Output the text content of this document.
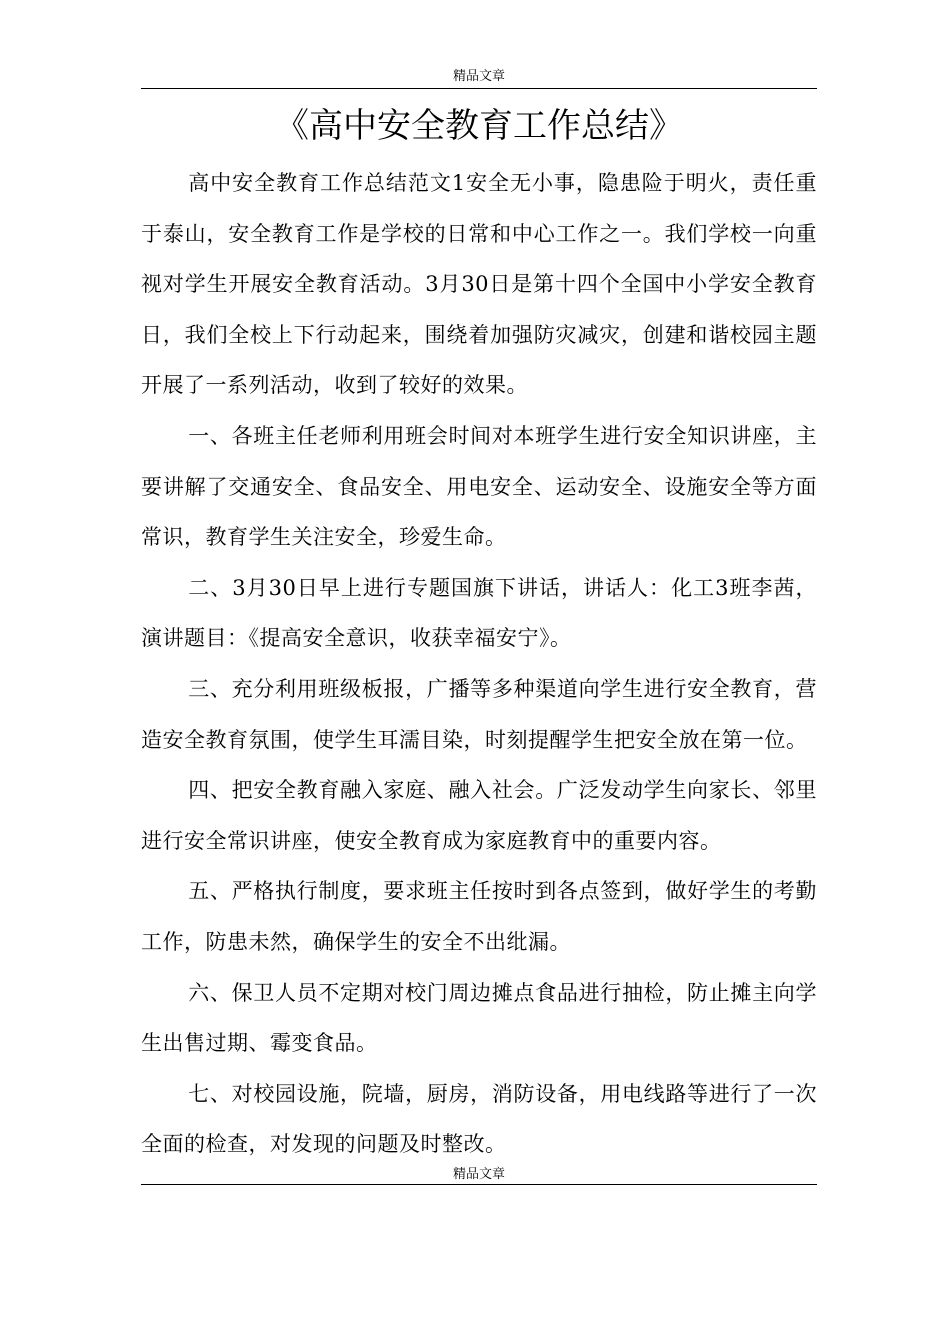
精品文章
《高中安全教育工作总结》

高中安全教育工作总结范文1安全无小事，隐患险于明火，责任重于泰山，安全教育工作是学校的日常和中心工作之一。我们学校一向重视对学生开展安全教育活动。3月30日是第十四个全国中小学安全教育日，我们全校上下行动起来，围绕着加强防灾减灾，创建和谐校园主题开展了一系列活动，收到了较好的效果。

一、各班主任老师利用班会时间对本班学生进行安全知识讲座，主要讲解了交通安全、食品安全、用电安全、运动安全、设施安全等方面常识，教育学生关注安全，珍爱生命。

二、3月30日早上进行专题国旗下讲话，讲话人：化工3班李茜，演讲题目：《提高安全意识，收获幸福安宁》。

三、充分利用班级板报，广播等多种渠道向学生进行安全教育，营造安全教育氛围，使学生耳濡目染，时刻提醒学生把安全放在第一位。

四、把安全教育融入家庭、融入社会。广泛发动学生向家长、邻里进行安全常识讲座，使安全教育成为家庭教育中的重要内容。

五、严格执行制度，要求班主任按时到各点签到，做好学生的考勤工作，防患未然，确保学生的安全不出纰漏。

六、保卫人员不定期对校门周边摊点食品进行抽检，防止摊主向学生出售过期、霉变食品。

七、对校园设施，院墙，厨房，消防设备，用电线路等进行了一次全面的检查，对发现的问题及时整改。

精品文章
